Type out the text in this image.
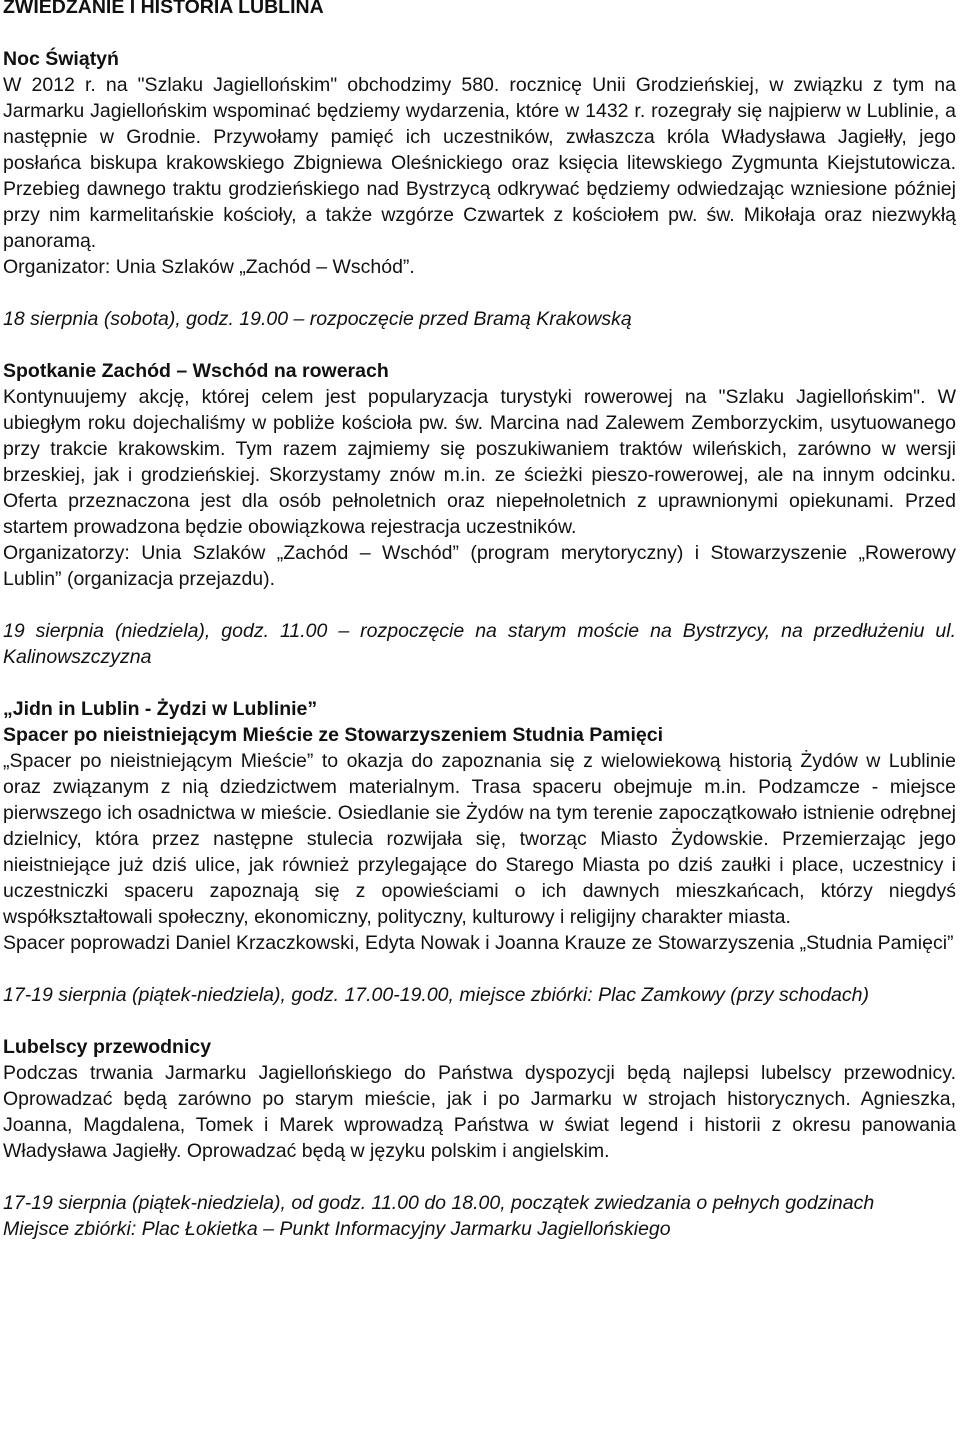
ZWIEDZANIE I HISTORIA LUBLINA
Noc Świątyń

W 2012 r. na "Szlaku Jagiellońskim" obchodzimy 580. rocznicę Unii Grodzieńskiej, w związku z tym na Jarmarku Jagiellońskim wspominać będziemy wydarzenia, które w 1432 r. rozegrały się najpierw w Lublinie, a następnie w Grodnie. Przywołamy pamięć ich uczestników, zwłaszcza króla Władysława Jagiełły, jego posłańca biskupa krakowskiego Zbigniewa Oleśnickiego oraz księcia litewskiego Zygmunta Kiejstutowicza. Przebieg dawnego traktu grodzieńskiego nad Bystrzycą odkrywać będziemy odwiedzając wzniesione później przy nim karmelitańskie kościoły, a także wzgórze Czwartek z kościołem pw. św. Mikołaja oraz niezwykłą panoramą.

Organizator: Unia Szlaków „Zachód – Wschód”.

18 sierpnia (sobota), godz. 19.00 – rozpoczęcie przed Bramą Krakowską
Spotkanie Zachód – Wschód na rowerach

Kontynuujemy akcję, której celem jest popularyzacja turystyki rowerowej na "Szlaku Jagiellońskim". W ubiegłym roku dojechaliśmy w pobliże kościoła pw. św. Marcina nad Zalewem Zemborzyckim, usytuowanego przy trakcie krakowskim. Tym razem zajmiemy się poszukiwaniem traktów wileńskich, zarówno w wersji brzeskiej, jak i grodzieńskiej. Skorzystamy znów m.in. ze ścieżki pieszo-rowerowej, ale na innym odcinku. Oferta przeznaczona jest dla osób pełnoletnich oraz niepełnoletnich z uprawnionymi opiekunami. Przed startem prowadzona będzie obowiązkowa rejestracja uczestników.

Organizatorzy: Unia Szlaków „Zachód – Wschód” (program merytoryczny) i Stowarzyszenie „Rowerowy Lublin” (organizacja przejazdu).

19 sierpnia (niedziela), godz. 11.00 – rozpoczęcie na starym moście na Bystrzycy, na przedłużeniu ul. Kalinowszczyzna
„Jidn in Lublin - Żydzi w Lublinie”
Spacer po nieistniejącym Mieście ze Stowarzyszeniem Studnia Pamięci

„Spacer po nieistniejącym Mieście” to okazja do zapoznania się z wielowiekową historią Żydów w Lublinie oraz związanym z nią dziedzictwem materialnym. Trasa spaceru obejmuje m.in. Podzamcze - miejsce pierwszego ich osadnictwa w mieście. Osiedlanie sie Żydów na tym terenie zapoczątkowało istnienie odrębnej dzielnicy, która przez następne stulecia rozwijała się, tworząc Miasto Żydowskie. Przemierzając jego nieistniejące już dziś ulice, jak również przylegające do Starego Miasta po dziś zaułki i place, uczestnicy i uczestniczki spaceru zapoznają się z opowieściami o ich dawnych mieszkańcach, którzy niegdyś współkształtowali społeczny, ekonomiczny, polityczny, kulturowy i religijny charakter miasta.

Spacer poprowadzi Daniel Krzaczkowski, Edyta Nowak i Joanna Krauze ze Stowarzyszenia „Studnia Pamięci”

17-19 sierpnia (piątek-niedziela), godz. 17.00-19.00, miejsce zbiórki: Plac Zamkowy (przy schodach)
Lubelscy przewodnicy

Podczas trwania Jarmarku Jagiellońskiego do Państwa dyspozycji będą najlepsi lubelscy przewodnicy. Oprowadzać będą zarówno po starym mieście, jak i po Jarmarku w strojach historycznych. Agnieszka, Joanna, Magdalena, Tomek i Marek wprowadzą Państwa w świat legend i historii z okresu panowania Władysława Jagiełły. Oprowadzać będą w języku polskim i angielskim.

17-19 sierpnia (piątek-niedziela), od godz. 11.00 do 18.00, początek zwiedzania o pełnych godzinach
Miejsce zbiórki: Plac Łokietka – Punkt Informacyjny Jarmarku Jagiellońskiego
